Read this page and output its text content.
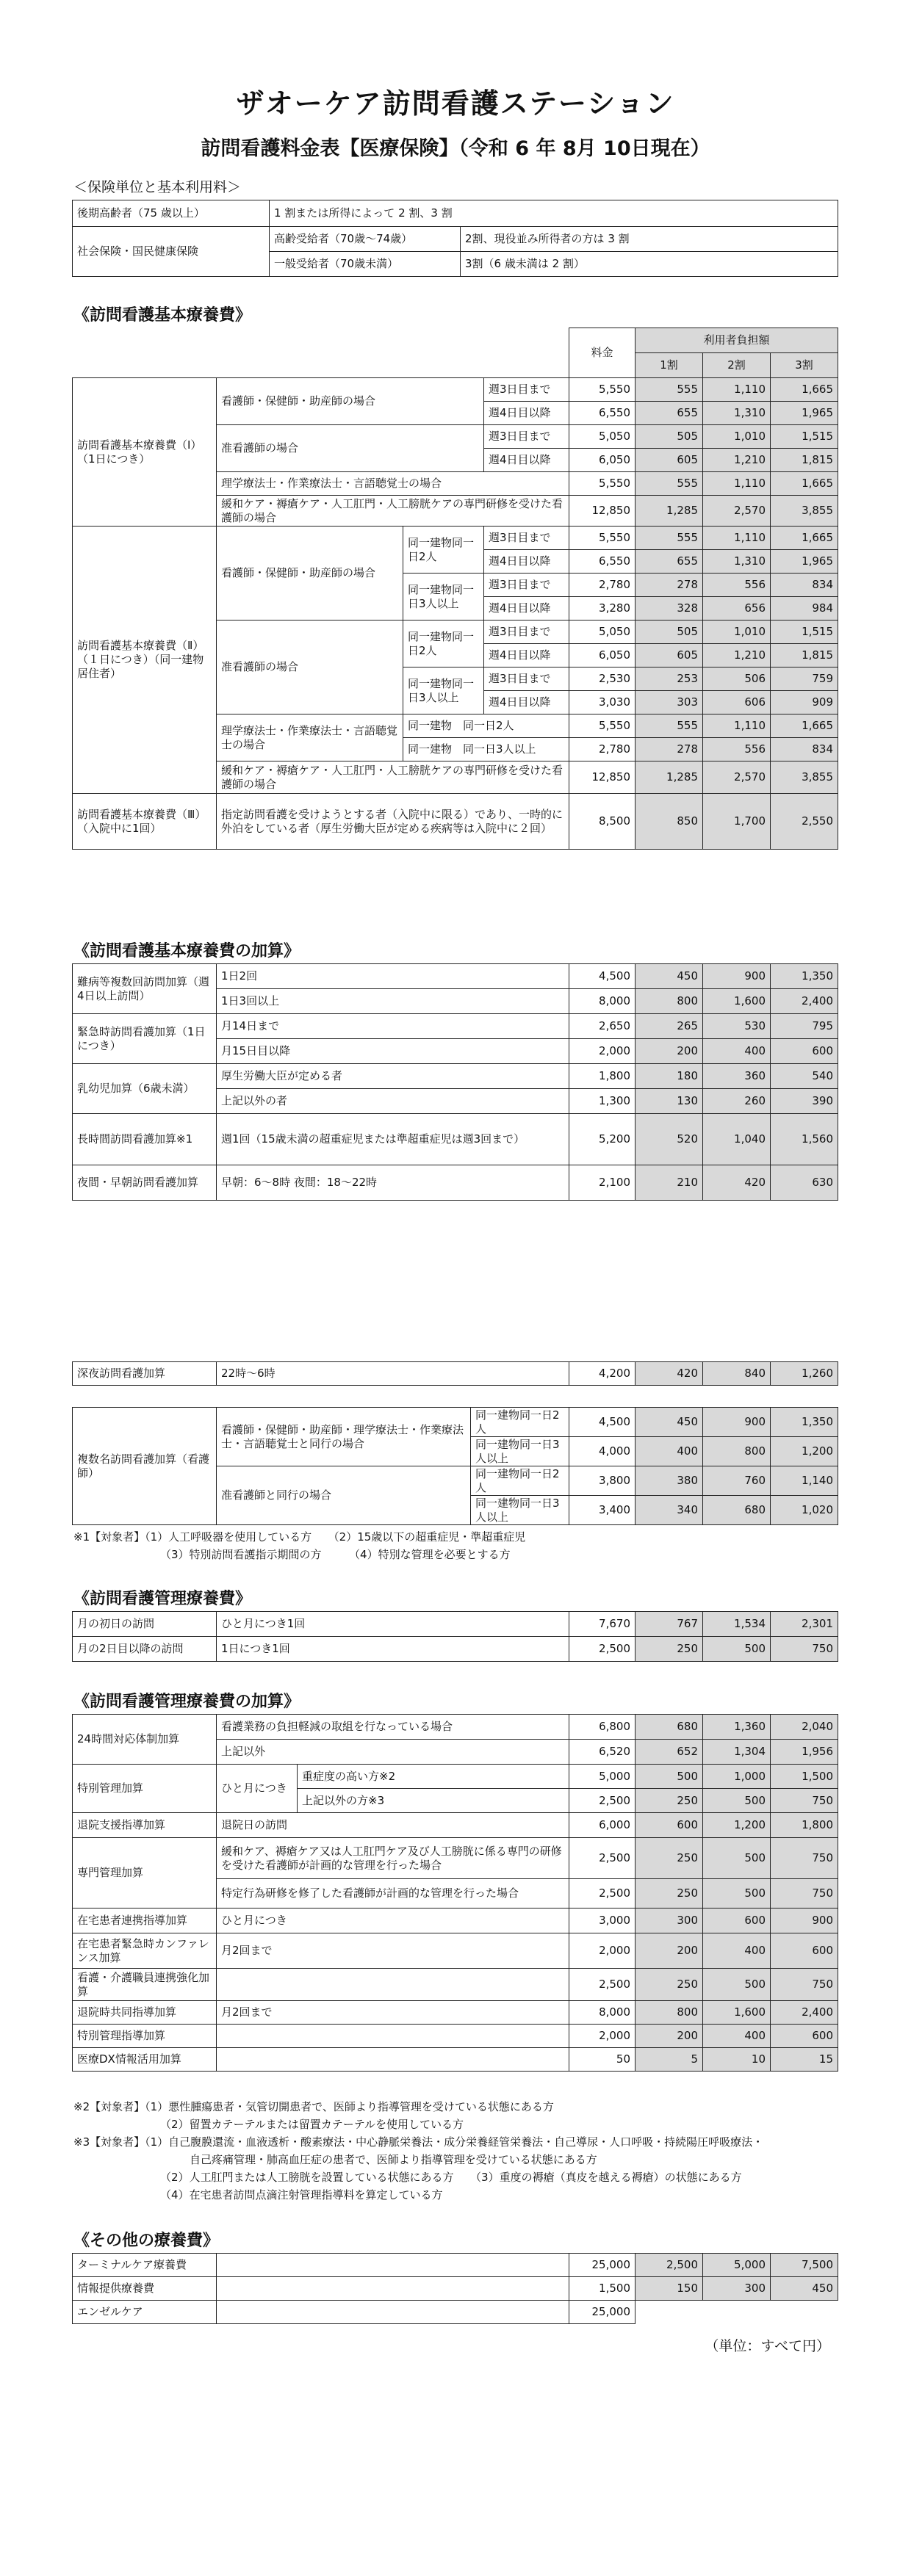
ザオーケア訪問看護ステーション
訪問看護料金表【医療保険】（令和 6 年 8月 10日現在）
＜保険単位と基本利用料＞
後期高齢者（75 歳以上）	1 割または所得によって 2 割、3 割	
社会保険・国民健康保険	高齢受給者（70歳〜74歳）	2割、現役並み所得者の方は 3 割
	一般受給者（70歳未満）	3割（6 歳未満は 2 割）
《訪問看護基本療養費》
				料金	利用者負担額		
					1割	2割	3割
訪問看護基本療養費（Ⅰ）（1日につき）	看護師・保健師・助産師の場合		週3日目まで	5,550	555	1,110	1,665
			週4日目以降	6,550	655	1,310	1,965
	准看護師の場合		週3日目まで	5,050	505	1,010	1,515
			週4日目以降	6,050	605	1,210	1,815
	理学療法士・作業療法士・言語聴覚士の場合			5,550	555	1,110	1,665
	緩和ケア・褥瘡ケア・人工肛門・人工膀胱ケアの専門研修を受けた看護師の場合			12,850	1,285	2,570	3,855
訪問看護基本療養費（Ⅱ）（１日につき）（同一建物居住者）	看護師・保健師・助産師の場合	同一建物同一日2人	週3日目まで	5,550	555	1,110	1,665
			週4日目以降	6,550	655	1,310	1,965
		同一建物同一日3人以上	週3日目まで	2,780	278	556	834
			週4日目以降	3,280	328	656	984
	准看護師の場合	同一建物同一日2人	週3日目まで	5,050	505	1,010	1,515
			週4日目以降	6,050	605	1,210	1,815
		同一建物同一日3人以上	週3日目まで	2,530	253	506	759
			週4日目以降	3,030	303	606	909
	理学療法士・作業療法士・言語聴覚士の場合	同一建物　同一日2人		5,550	555	1,110	1,665
		同一建物　同一日3人以上		2,780	278	556	834
	緩和ケア・褥瘡ケア・人工肛門・人工膀胱ケアの専門研修を受けた看護師の場合			12,850	1,285	2,570	3,855
訪問看護基本療養費（Ⅲ）（入院中に1回）	指定訪問看護を受けようとする者（入院中に限る）であり、一時的に外泊をしている者（厚生労働大臣が定める疾病等は入院中に２回）			8,500	850	1,700	2,550
《訪問看護基本療養費の加算》
難病等複数回訪問加算（週4日以上訪問）	1日2回	4,500	450	900	1,350
	1日3回以上	8,000	800	1,600	2,400
緊急時訪問看護加算（1日につき）	月14日まで	2,650	265	530	795
	月15日目以降	2,000	200	400	600
乳幼児加算（6歳未満）	厚生労働大臣が定める者	1,800	180	360	540
	上記以外の者	1,300	130	260	390
長時間訪問看護加算※1	週1回（15歳未満の超重症児または準超重症児は週3回まで）	5,200	520	1,040	1,560
夜間・早朝訪問看護加算	早朝：6〜8時 夜間：18〜22時	2,100	210	420	630
深夜訪問看護加算	22時〜6時	4,200	420	840	1,260
複数名訪問看護加算（看護師）	看護師・保健師・助産師・理学療法士・作業療法士・言語聴覚士と同行の場合	同一建物同一日2人	4,500	450	900	1,350
		同一建物同一日3人以上	4,000	400	800	1,200
	准看護師と同行の場合	同一建物同一日2人	3,800	380	760	1,140
		同一建物同一日3人以上	3,400	340	680	1,020
※1【対象者】（1）人工呼吸器を使用している方　　（2）15歳以下の超重症児・準超重症児
（3）特別訪問看護指示期間の方　　　（4）特別な管理を必要とする方
《訪問看護管理療養費》
月の初日の訪問	ひと月につき1回	7,670	767	1,534	2,301
月の2日目以降の訪問	1日につき1回	2,500	250	500	750
《訪問看護管理療養費の加算》
24時間対応体制加算	看護業務の負担軽減の取組を行なっている場合		6,800	680	1,360	2,040
	上記以外		6,520	652	1,304	1,956
特別管理加算	ひと月につき	重症度の高い方※2	5,000	500	1,000	1,500
		上記以外の方※3	2,500	250	500	750
退院支援指導加算	退院日の訪問		6,000	600	1,200	1,800
専門管理加算	緩和ケア、褥瘡ケア又は人工肛門ケア及び人工膀胱に係る専門の研修を受けた看護師が計画的な管理を行った場合		2,500	250	500	750
	特定行為研修を修了した看護師が計画的な管理を行った場合		2,500	250	500	750
在宅患者連携指導加算	ひと月につき		3,000	300	600	900
在宅患者緊急時カンファレンス加算	月2回まで		2,000	200	400	600
看護・介護職員連携強化加算			2,500	250	500	750
退院時共同指導加算	月2回まで		8,000	800	1,600	2,400
特別管理指導加算			2,000	200	400	600
医療DX情報活用加算			50	5	10	15
※2【対象者】（1）悪性腫瘍患者・気管切開患者で、医師より指導管理を受けている状態にある方
（2）留置カテーテルまたは留置カテーテルを使用している方
※3【対象者】（1）自己腹膜還流・血液透析・酸素療法・中心静脈栄養法・成分栄養経管栄養法・自己導尿・人口呼吸・持続陽圧呼吸療法・
自己疼痛管理・肺高血圧症の患者で、医師より指導管理を受けている状態にある方
（2）人工肛門または人工膀胱を設置している状態にある方　　（3）重度の褥瘡（真皮を越える褥瘡）の状態にある方
（4）在宅患者訪問点滴注射管理指導料を算定している方
《その他の療養費》
ターミナルケア療養費		25,000	2,500	5,000	7,500
情報提供療養費		1,500	150	300	450
エンゼルケア		25,000			
（単位：すべて円）
